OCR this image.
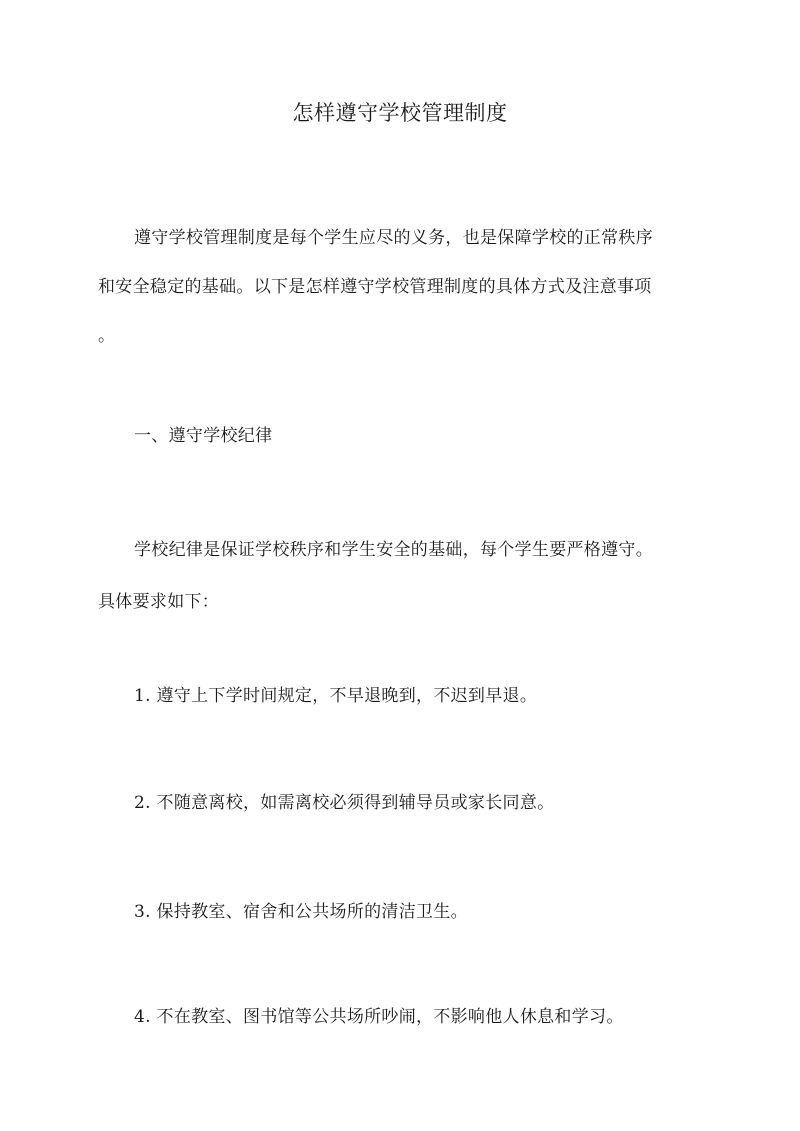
怎样遵守学校管理制度
遵守学校管理制度是每个学生应尽的义务，也是保障学校的正常秩序
和安全稳定的基础。以下是怎样遵守学校管理制度的具体方式及注意事项
。
一、遵守学校纪律
学校纪律是保证学校秩序和学生安全的基础，每个学生要严格遵守。
具体要求如下：
1. 遵守上下学时间规定，不早退晚到，不迟到早退。
2. 不随意离校，如需离校必须得到辅导员或家长同意。
3. 保持教室、宿舍和公共场所的清洁卫生。
4. 不在教室、图书馆等公共场所吵闹，不影响他人休息和学习。
